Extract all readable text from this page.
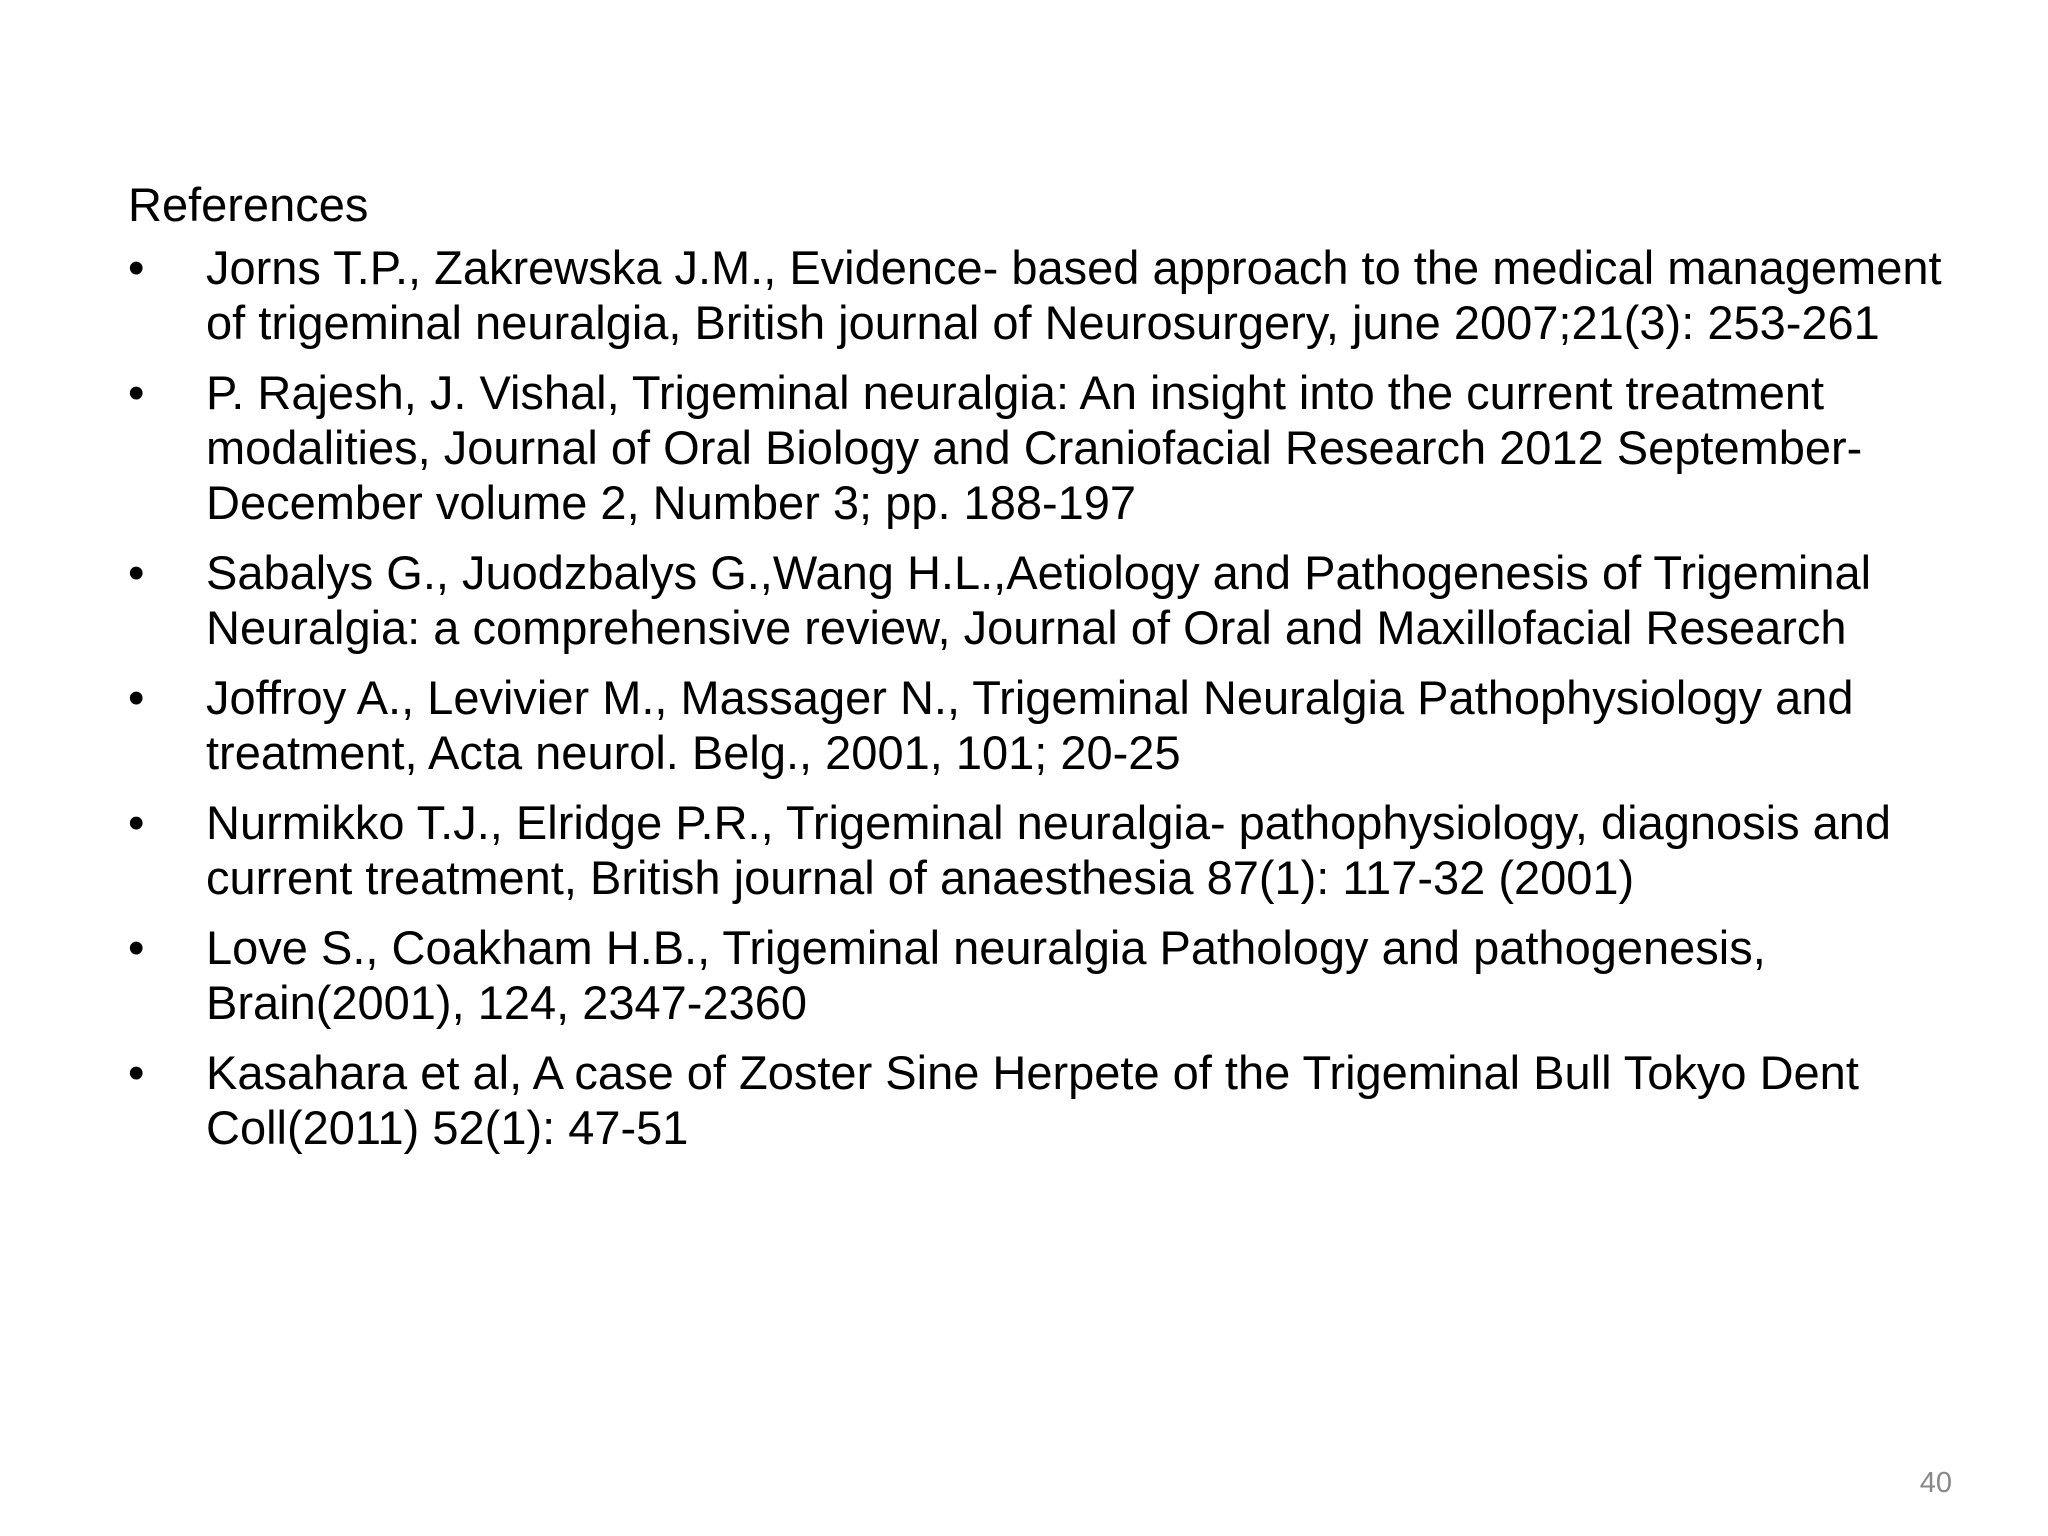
References
•	Jorns T.P., Zakrewska J.M., Evidence- based approach to the medical management of trigeminal neuralgia, British journal of Neurosurgery, june 2007;21(3): 253-261
•	P. Rajesh, J. Vishal, Trigeminal neuralgia: An insight into the current treatment modalities, Journal of Oral Biology and Craniofacial Research 2012 September- December volume 2, Number 3; pp. 188-197
•	Sabalys G., Juodzbalys G.,Wang H.L.,Aetiology and Pathogenesis of Trigeminal Neuralgia: a comprehensive review, Journal of Oral and Maxillofacial Research
•	Joffroy A., Levivier M., Massager N., Trigeminal Neuralgia Pathophysiology and treatment, Acta neurol. Belg., 2001, 101; 20-25
•	Nurmikko T.J., Elridge P.R., Trigeminal neuralgia- pathophysiology, diagnosis and current treatment, British journal of anaesthesia 87(1): 117-32 (2001)
•	Love S., Coakham H.B., Trigeminal neuralgia Pathology and pathogenesis, Brain(2001), 124, 2347-2360
•	Kasahara et al, A case of Zoster Sine Herpete of the Trigeminal Bull Tokyo Dent Coll(2011) 52(1): 47-51
40
